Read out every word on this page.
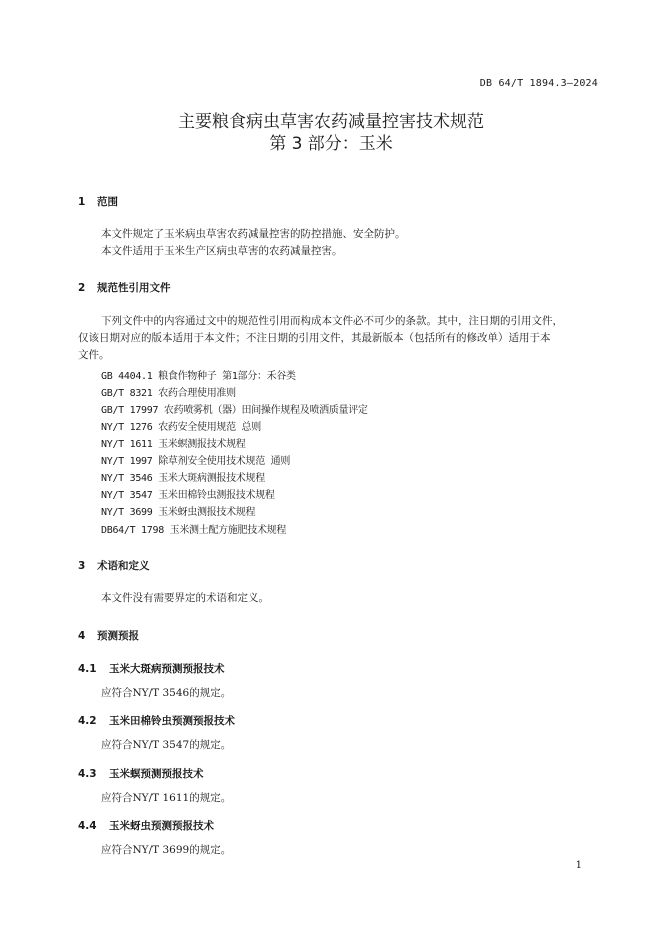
DB 64/T 1894.3—2024
主要粮食病虫草害农药减量控害技术规范
第 3 部分：玉米
1 范围
本文件规定了玉米病虫草害农药减量控害的防控措施、安全防护。
本文件适用于玉米生产区病虫草害的农药减量控害。
2 规范性引用文件
下列文件中的内容通过文中的规范性引用而构成本文件必不可少的条款。其中，注日期的引用文件，
仅该日期对应的版本适用于本文件；不注日期的引用文件，其最新版本（包括所有的修改单）适用于本
文件。
GB 4404.1 粮食作物种子 第1部分：禾谷类
GB/T 8321 农药合理使用准则
GB/T 17997 农药喷雾机（器）田间操作规程及喷洒质量评定
NY/T 1276 农药安全使用规范 总则
NY/T 1611 玉米螟测报技术规程
NY/T 1997 除草剂安全使用技术规范 通则
NY/T 3546 玉米大斑病测报技术规程
NY/T 3547 玉米田棉铃虫测报技术规程
NY/T 3699 玉米蚜虫测报技术规程
DB64/T 1798 玉米测土配方施肥技术规程
3 术语和定义
本文件没有需要界定的术语和定义。
4 预测预报
4.1 玉米大斑病预测预报技术
应符合NY/T 3546的规定。
4.2 玉米田棉铃虫预测预报技术
应符合NY/T 3547的规定。
4.3 玉米螟预测预报技术
应符合NY/T 1611的规定。
4.4 玉米蚜虫预测预报技术
应符合NY/T 3699的规定。
1
